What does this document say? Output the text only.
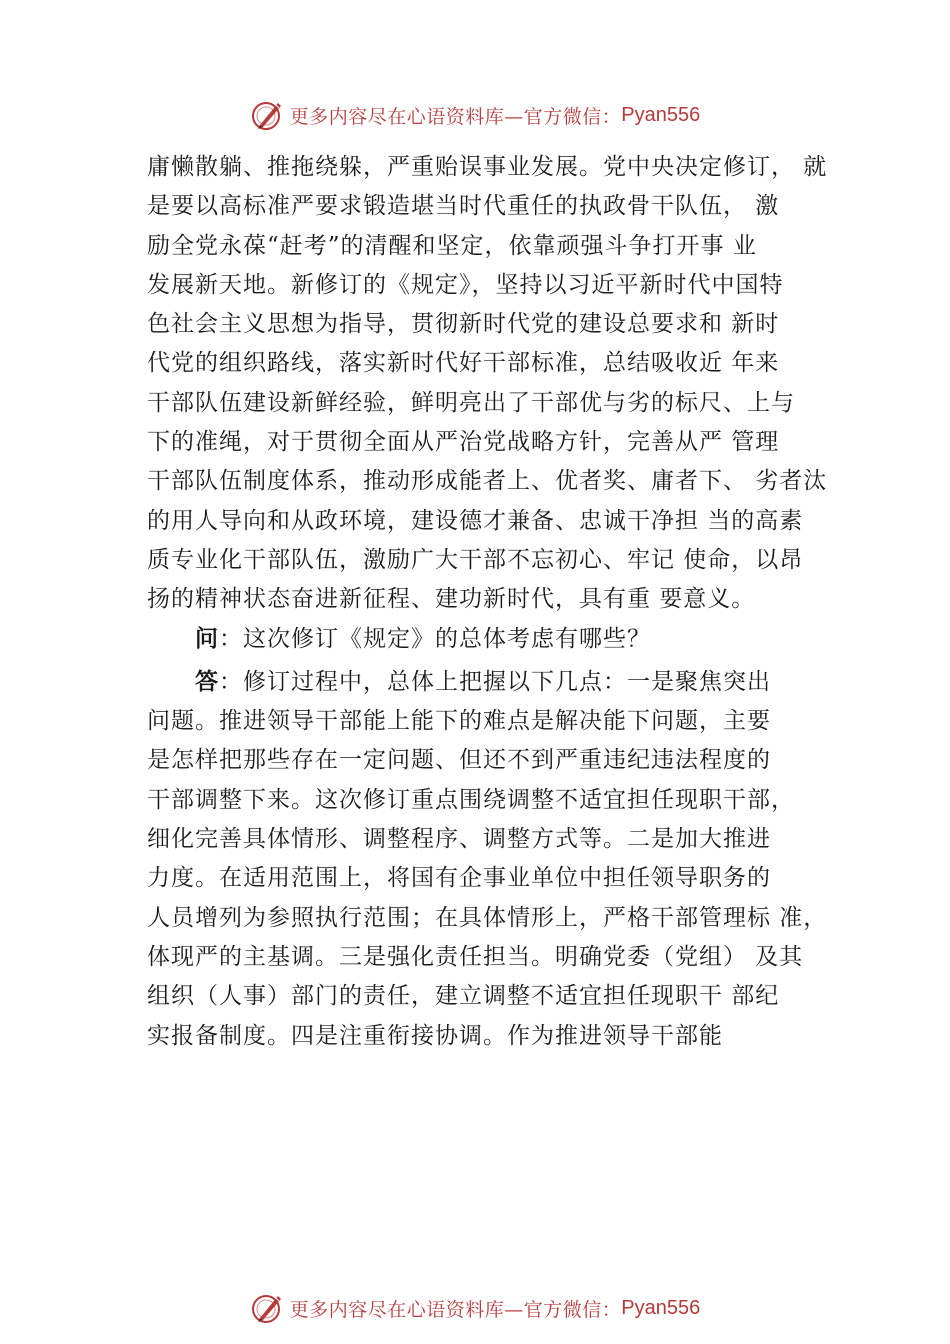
更多内容尽在心语资料库—官方微信： Pyan556
庸懒散躺、推拖绕躲，严重贻误事业发展。党中央决定修订， 就
是要以高标准严要求锻造堪当时代重任的执政骨干队伍， 激
励全党永葆“赶考”的清醒和坚定，依靠顽强斗争打开事 业
发展新天地。新修订的《规定》，坚持以习近平新时代中国特
色社会主义思想为指导，贯彻新时代党的建设总要求和 新时
代党的组织路线，落实新时代好干部标准，总结吸收近 年来
干部队伍建设新鲜经验，鲜明亮出了干部优与劣的标尺、上与
下的准绳，对于贯彻全面从严治党战略方针，完善从严 管理
干部队伍制度体系，推动形成能者上、优者奖、庸者下、 劣者汰
的用人导向和从政环境，建设德才兼备、忠诚干净担 当的高素
质专业化干部队伍，激励广大干部不忘初心、牢记 使命，以昂
扬的精神状态奋进新征程、建功新时代，具有重 要意义。
问：这次修订《规定》的总体考虑有哪些？
答：修订过程中，总体上把握以下几点：一是聚焦突出
问题。推进领导干部能上能下的难点是解决能下问题，主要
是怎样把那些存在一定问题、但还不到严重违纪违法程度的
干部调整下来。这次修订重点围绕调整不适宜担任现职干部，
细化完善具体情形、调整程序、调整方式等。二是加大推进
力度。在适用范围上，将国有企事业单位中担任领导职务的
人员增列为参照执行范围；在具体情形上，严格干部管理标 准，
体现严的主基调。三是强化责任担当。明确党委（党组） 及其
组织（人事）部门的责任，建立调整不适宜担任现职干 部纪
实报备制度。四是注重衔接协调。作为推进领导干部能
更多内容尽在心语资料库—官方微信： Pyan556
